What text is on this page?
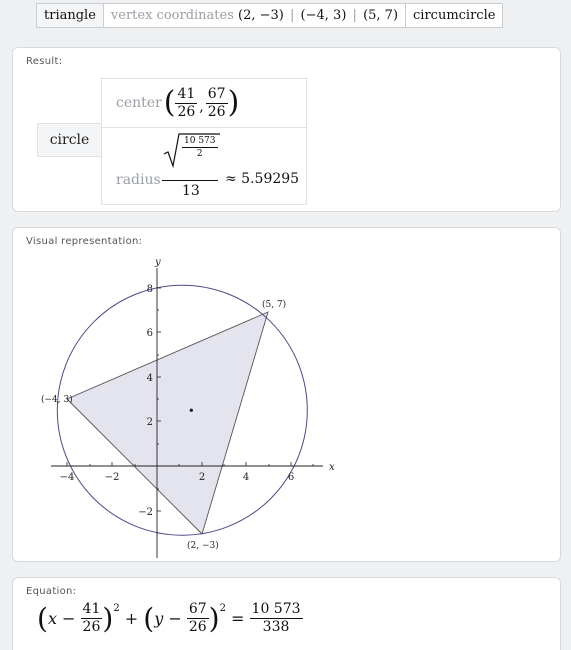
triangle	vertex coordinates (2, −3) | (−4, 3) | (5, 7)	circumcircle
Result:
circle
center ( $\frac{41}{26}$ , $\frac{67}{26}$ )
radius
$\frac{10 573}{2}$
13
≈ 5.59295
Visual representation:
−4	−2	2	4	6
8
6
4
2
−2
x
y
(5, 7)
(−4, 3)
(2, −3)
Equation:
( $x - \frac{41}{26} )^2$
+ ( $y - \frac{67}{26} )^2$
= $\frac{10 573}{338}$
